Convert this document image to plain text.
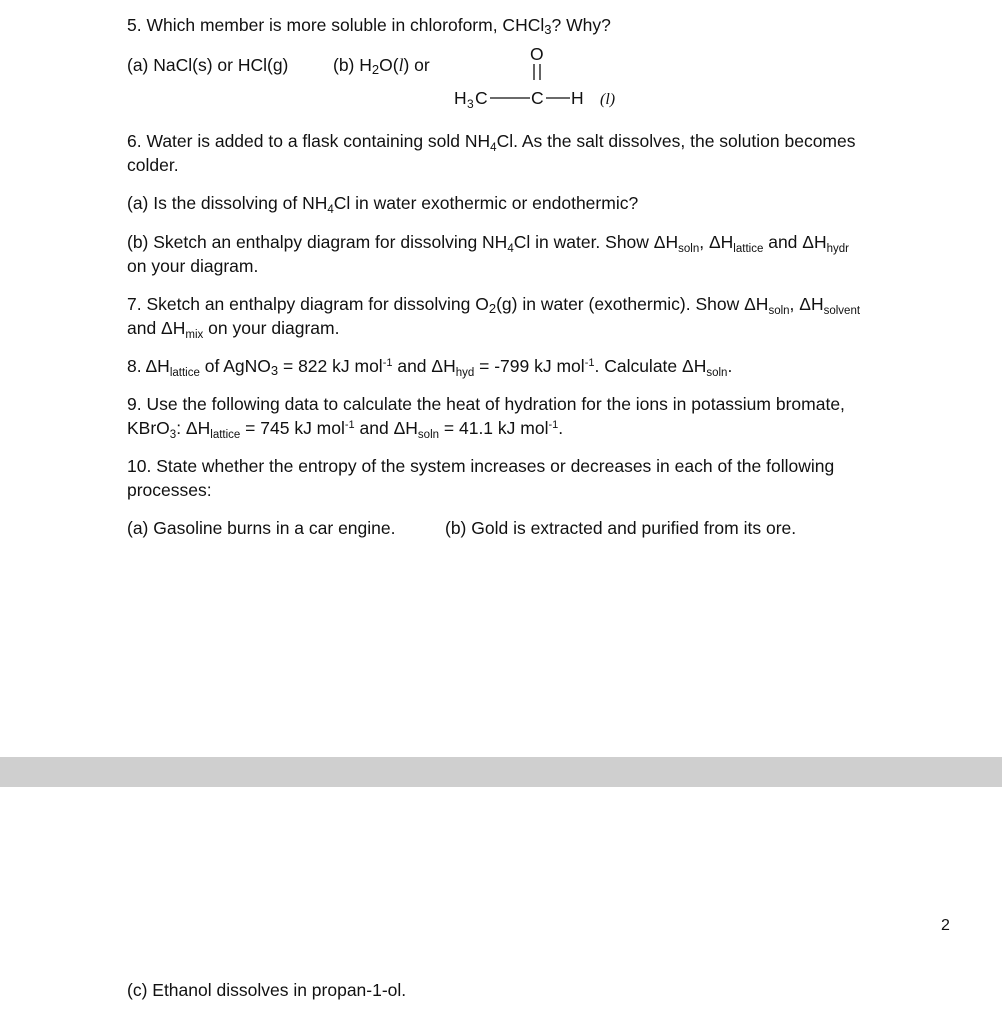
5. Which member is more soluble in chloroform, CHCl3? Why?
(a) NaCl(s) or HCl(g)	(b) H2O(l) or
O
H 3 C C H (l)
6. Water is added to a flask containing sold $NH_4Cl$. As the salt dissolves, the solution becomes
colder.
(a) Is the dissolving of $NH_4Cl$ in water exothermic or endothermic?
(b) Sketch an enthalpy diagram for dissolving $NH_4Cl$ in water. Show $\Delta H_{soln}$, $\Delta H_{lattice}$ and $\Delta H_{hydr}$
on your diagram.
7. Sketch an enthalpy diagram for dissolving O2(g) in water (exothermic). Show $\Delta H_{soln}$, $\Delta H_{solvent}$
and $\Delta H_{mix}$ on your diagram.
8. $\Delta H_{lattice}$ of AgNO3 = 822 kJ mol$^{-1}$ and $\Delta H_{hyd} = -799$ kJ mol$^{-1}$. Calculate $\Delta H_{soln}$.
9. Use the following data to calculate the heat of hydration for the ions in potassium bromate,
KBrO$_3$: $\Delta H_{lattice} = 745$ kJ mol$^{-1}$ and $\Delta H_{soln} = 41.1$ kJ mol$^{-1}$.
10. State whether the entropy of the system increases or decreases in each of the following
processes:
(a) Gasoline burns in a car engine.	(b) Gold is extracted and purified from its ore.
2
(c) Ethanol dissolves in propan-1-ol.
